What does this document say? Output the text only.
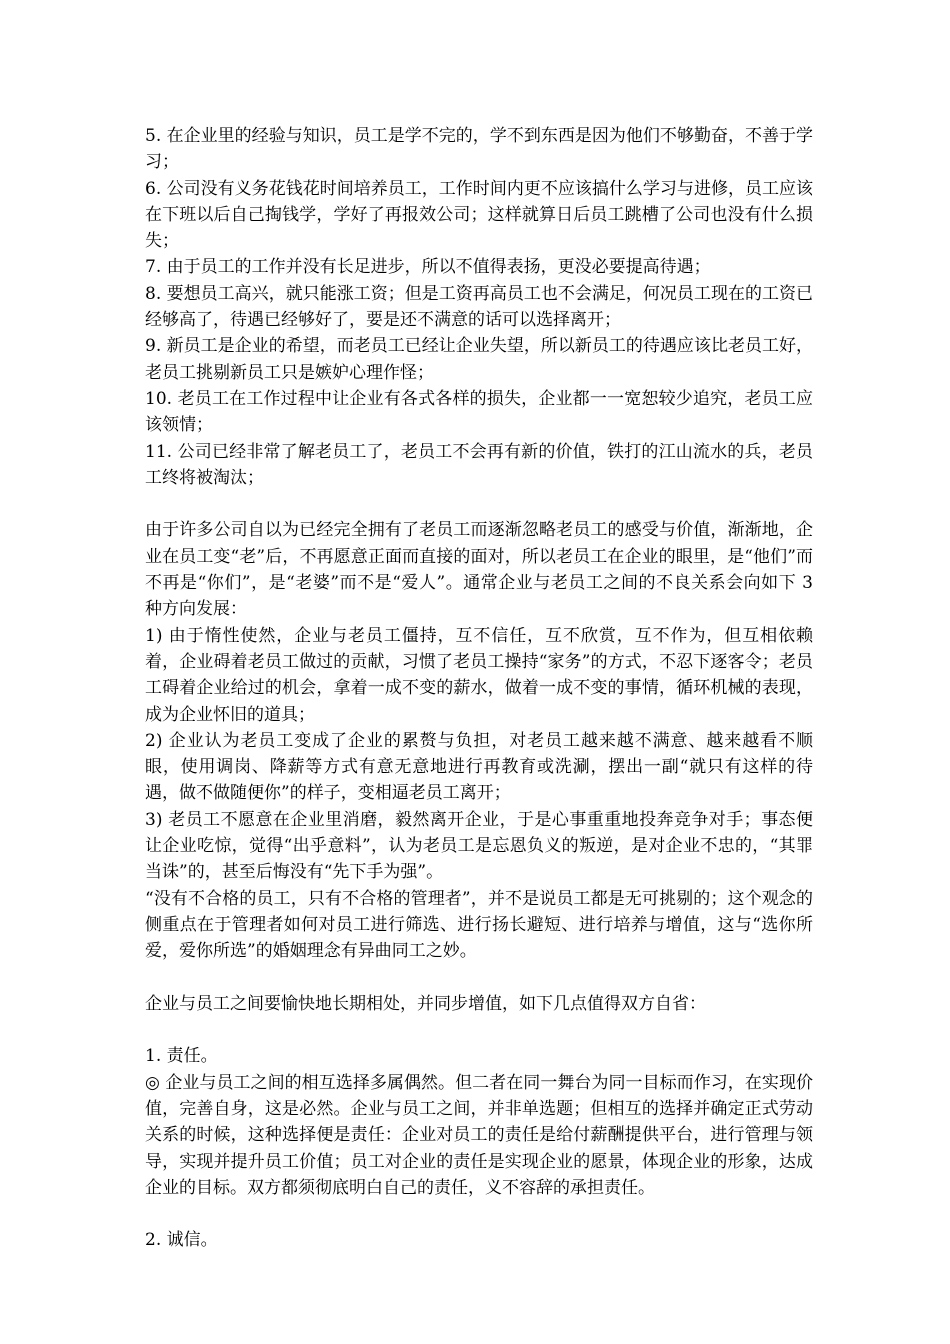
5. 在企业里的经验与知识，员工是学不完的，学不到东西是因为他们不够勤奋，不善于学习；

6. 公司没有义务花钱花时间培养员工，工作时间内更不应该搞什么学习与进修，员工应该在下班以后自己掏钱学，学好了再报效公司；这样就算日后员工跳槽了公司也没有什么损失；

7. 由于员工的工作并没有长足进步，所以不值得表扬，更没必要提高待遇；

8. 要想员工高兴，就只能涨工资；但是工资再高员工也不会满足，何况员工现在的工资已经够高了，待遇已经够好了，要是还不满意的话可以选择离开；

9. 新员工是企业的希望，而老员工已经让企业失望，所以新员工的待遇应该比老员工好，老员工挑剔新员工只是嫉妒心理作怪；

10. 老员工在工作过程中让企业有各式各样的损失，企业都一一宽恕较少追究，老员工应该领情；

11. 公司已经非常了解老员工了，老员工不会再有新的价值，铁打的江山流水的兵，老员工终将被淘汰；

由于许多公司自以为已经完全拥有了老员工而逐渐忽略老员工的感受与价值，渐渐地，企业在员工变“老”后，不再愿意正面而直接的面对，所以老员工在企业的眼里，是“他们”而不再是“你们”，是“老婆”而不是“爱人”。通常企业与老员工之间的不良关系会向如下 3 种方向发展：

1) 由于惰性使然，企业与老员工僵持，互不信任，互不欣赏，互不作为，但互相依赖着，企业碍着老员工做过的贡献，习惯了老员工操持“家务”的方式，不忍下逐客令；老员工碍着企业给过的机会，拿着一成不变的薪水，做着一成不变的事情，循环机械的表现，成为企业怀旧的道具；

2) 企业认为老员工变成了企业的累赘与负担，对老员工越来越不满意、越来越看不顺眼，使用调岗、降薪等方式有意无意地进行再教育或洗涮，摆出一副“就只有这样的待遇，做不做随便你”的样子，变相逼老员工离开；

3) 老员工不愿意在企业里消磨，毅然离开企业，于是心事重重地投奔竞争对手；事态便让企业吃惊，觉得“出乎意料”，认为老员工是忘恩负义的叛逆，是对企业不忠的，“其罪当诛”的，甚至后悔没有“先下手为强”。

“没有不合格的员工，只有不合格的管理者”，并不是说员工都是无可挑剔的；这个观念的侧重点在于管理者如何对员工进行筛选、进行扬长避短、进行培养与增值，这与“选你所爱，爱你所选”的婚姻理念有异曲同工之妙。

企业与员工之间要愉快地长期相处，并同步增值，如下几点值得双方自省：

1. 责任。

◎ 企业与员工之间的相互选择多属偶然。但二者在同一舞台为同一目标而作习，在实现价值，完善自身，这是必然。企业与员工之间，并非单选题；但相互的选择并确定正式劳动关系的时候，这种选择便是责任：企业对员工的责任是给付薪酬提供平台，进行管理与领导，实现并提升员工价值；员工对企业的责任是实现企业的愿景，体现企业的形象，达成企业的目标。双方都须彻底明白自己的责任，义不容辞的承担责任。

2. 诚信。
